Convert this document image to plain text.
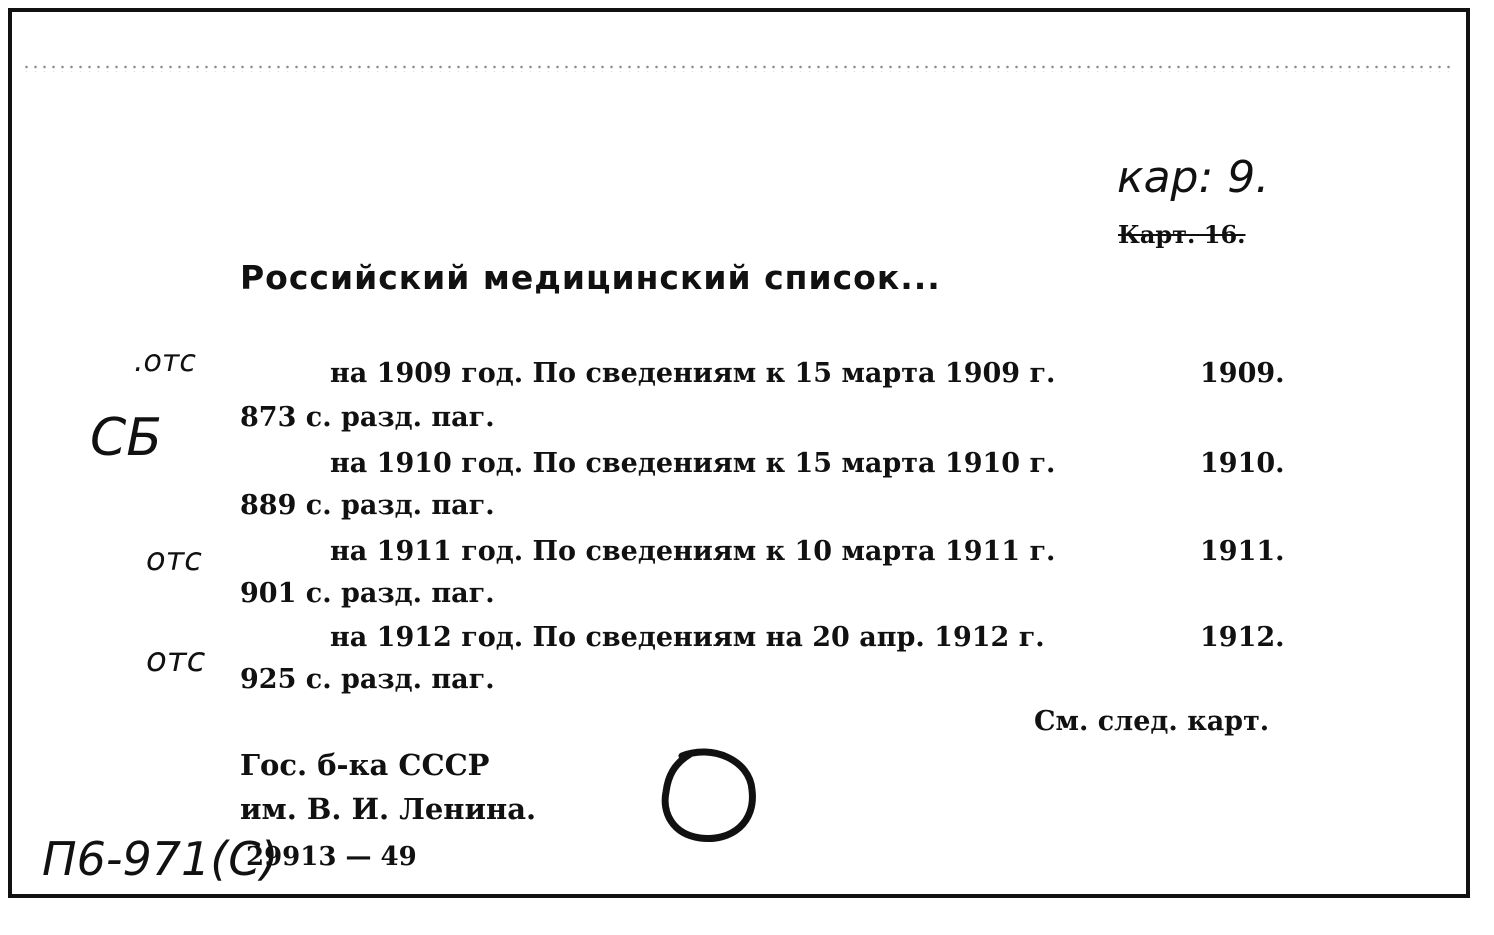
кар: 9.
Карт. 16.
Российский медицинский список...
.отс	на 1909 год. По сведениям к 15 марта 1909 г.	1909.
873 с. разд. паг.
СБ	на 1910 год. По сведениям к 15 марта 1910 г.	1910.
889 с. разд. паг.
отс	на 1911 год. По сведениям к 10 марта 1911 г.	1911.
901 с. разд. паг.
на 1912 год. По сведениям на 20 апр. 1912 г.	1912.
отс 925 с. разд. паг.
См. след. карт.
Гос. б-ка СССР
им. В. И. Ленина.
29913 — 49
П6-971(С)
